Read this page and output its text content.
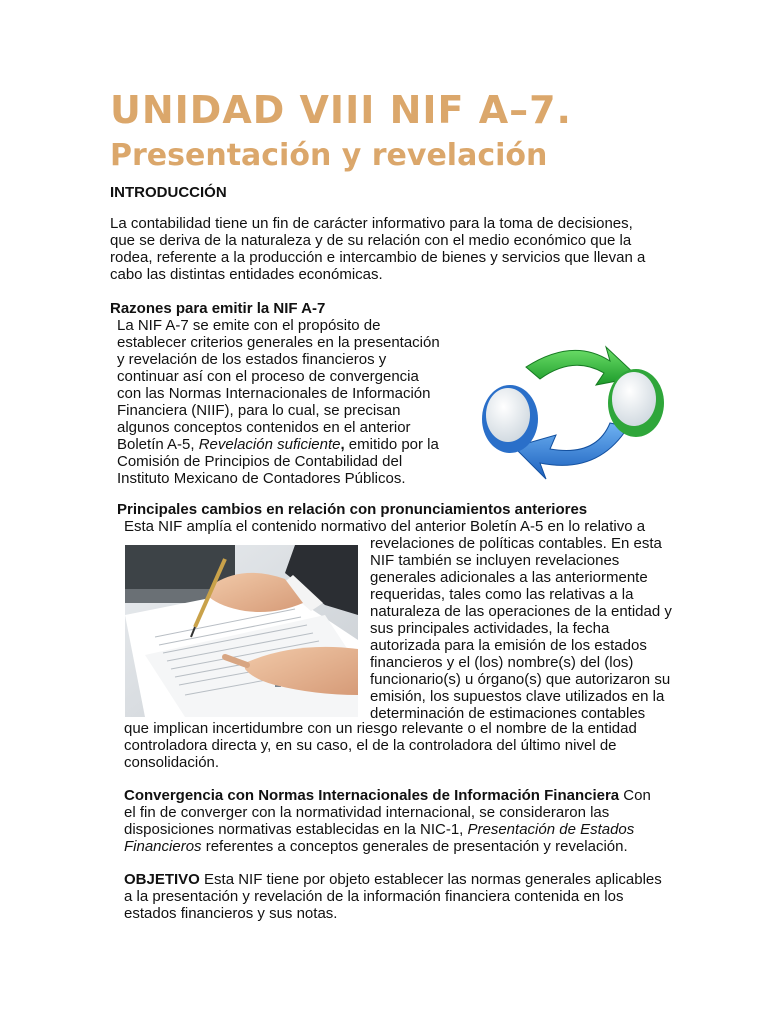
UNIDAD VIII NIF A–7.
Presentación y revelación
INTRODUCCIÓN
La contabilidad tiene un fin de carácter informativo para la toma de decisiones,
que se deriva de la naturaleza y de su relación con el medio económico que la
rodea, referente a la producción e intercambio de bienes y servicios que llevan a
cabo las distintas entidades económicas.
Razones para emitir la NIF A-7
La NIF A-7 se emite con el propósito de
establecer criterios generales en la presentación
y revelación de los estados financieros y
continuar así con el proceso de convergencia
con las Normas Internacionales de Información
Financiera (NIIF), para lo cual, se precisan
algunos conceptos contenidos en el anterior
Boletín A-5, Revelación suficiente, emitido por la
Comisión de Principios de Contabilidad del
Instituto Mexicano de Contadores Públicos.
Principales cambios en relación con pronunciamientos anteriores
Esta NIF amplía el contenido normativo del anterior Boletín A-5 en lo relativo a
revelaciones de políticas contables. En esta
NIF también se incluyen revelaciones
generales adicionales a las anteriormente
requeridas, tales como las relativas a la
naturaleza de las operaciones de la entidad y
sus principales actividades, la fecha
autorizada para la emisión de los estados
financieros y el (los) nombre(s) del (los)
funcionario(s) u órgano(s) que autorizaron su
emisión, los supuestos clave utilizados en la
determinación de estimaciones contables
que implican incertidumbre con un riesgo relevante o el nombre de la entidad
controladora directa y, en su caso, el de la controladora del último nivel de
consolidación.
Convergencia con Normas Internacionales de Información Financiera Con
el fin de converger con la normatividad internacional, se consideraron las
disposiciones normativas establecidas en la NIC-1, Presentación de Estados
Financieros referentes a conceptos generales de presentación y revelación.
OBJETIVO Esta NIF tiene por objeto establecer las normas generales aplicables
a la presentación y revelación de la información financiera contenida en los
estados financieros y sus notas.
